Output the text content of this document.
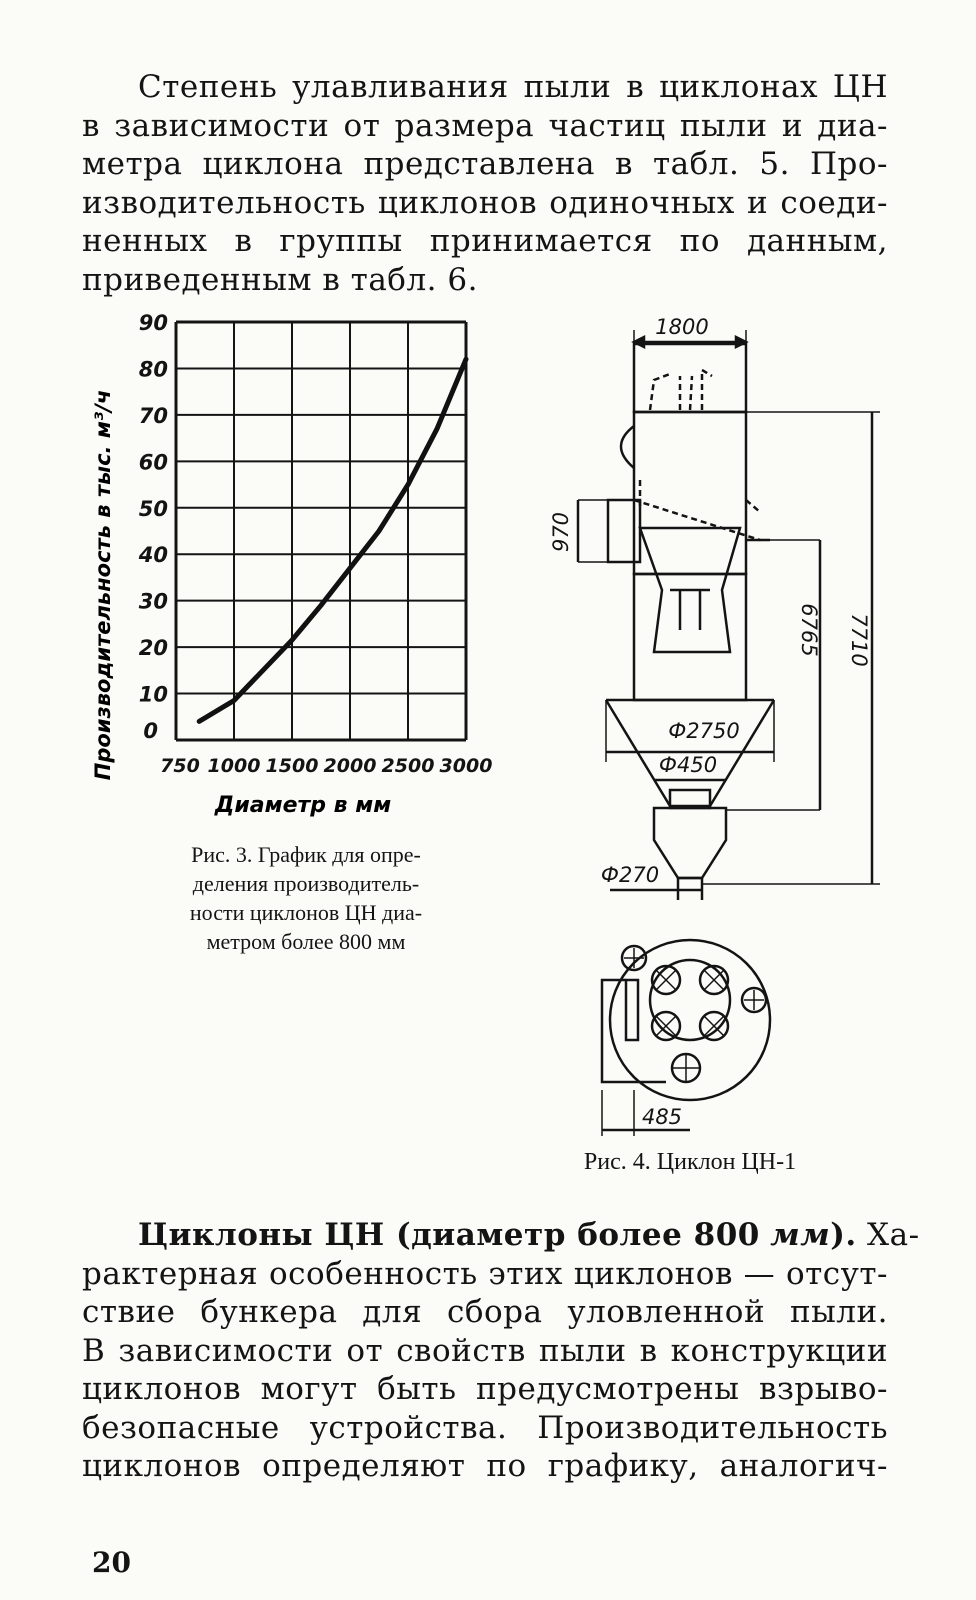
Степень улавливания пыли в циклонах ЦН
в зависимости от размера частиц пыли и диа-
метра циклона представлена в табл. 5. Про-
изводительность циклонов одиночных и соеди-
ненных в группы принимается по данным,
приведенным в табл. 6.
0
10
20
30
40
50
60
70
80
90
750 1000 1500 2000 2500 3000
Производительность в тыс. м³/ч
Диаметр в мм
Рис. 3. График для опре-
деления производитель-
ности циклонов ЦН диа-
метром более 800 мм
1800
970
Ф2750
Ф450
Ф270
6765 7710
485
Рис. 4. Циклон ЦН-1
Циклоны ЦН (диаметр более 800 мм). Ха-
рактерная особенность этих циклонов — отсут-
ствие бункера для сбора уловленной пыли.
В зависимости от свойств пыли в конструкции
циклонов могут быть предусмотрены взрыво-
безопасные устройства. Производительность
циклонов определяют по графику, аналогич-
20
